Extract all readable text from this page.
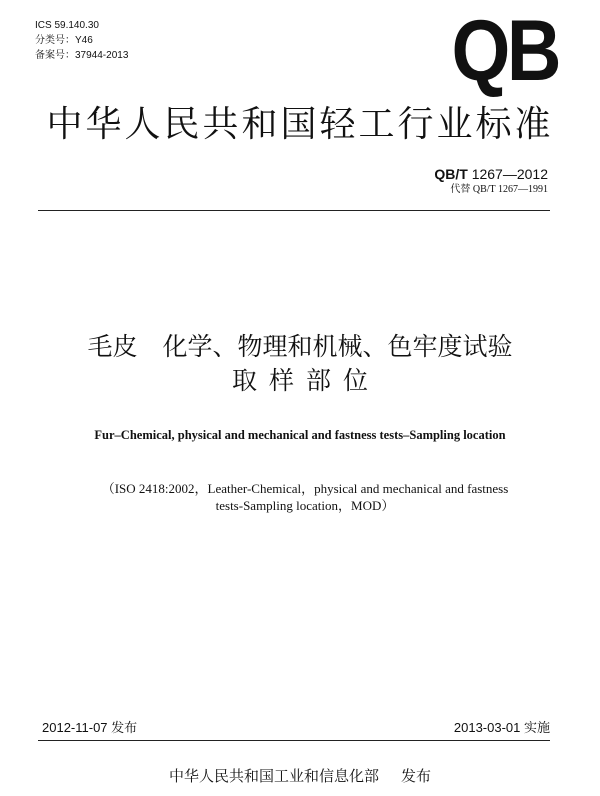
ICS 59.140.30
分类号：Y46
备案号：37944-2013	QB
中华人民共和国轻工行业标准
QB/T 1267—2012
代替 QB/T 1267—1991
毛皮　化学、物理和机械、色牢度试验
取样部位
Fur–Chemical, physical and mechanical and fastness tests–Sampling location
（ISO 2418:2002，Leather-Chemical，physical and mechanical and fastness
tests-Sampling location，MOD）
2012-11-07 发布	2013-03-01 实施
中华人民共和国工业和信息化部 发布
